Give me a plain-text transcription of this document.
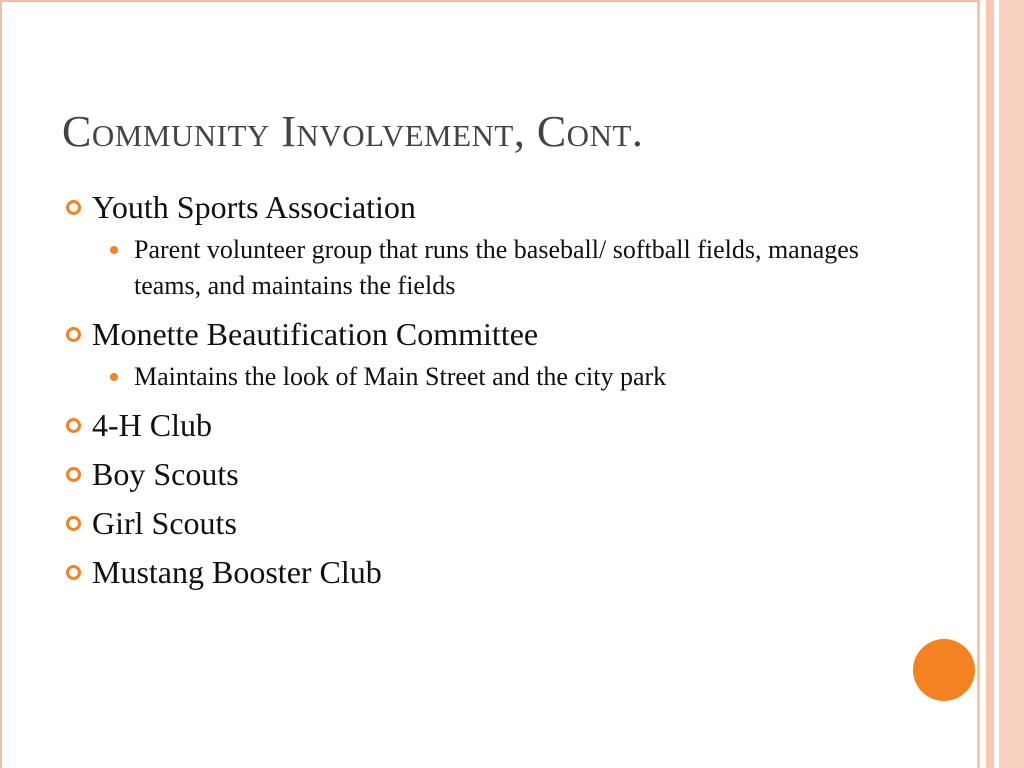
Community Involvement, Cont.
Youth Sports Association
Parent volunteer group that runs the baseball/ softball fields, manages teams, and maintains the fields
Monette Beautification Committee
Maintains the look of Main Street and the city park
4-H Club
Boy Scouts
Girl Scouts
Mustang Booster Club
